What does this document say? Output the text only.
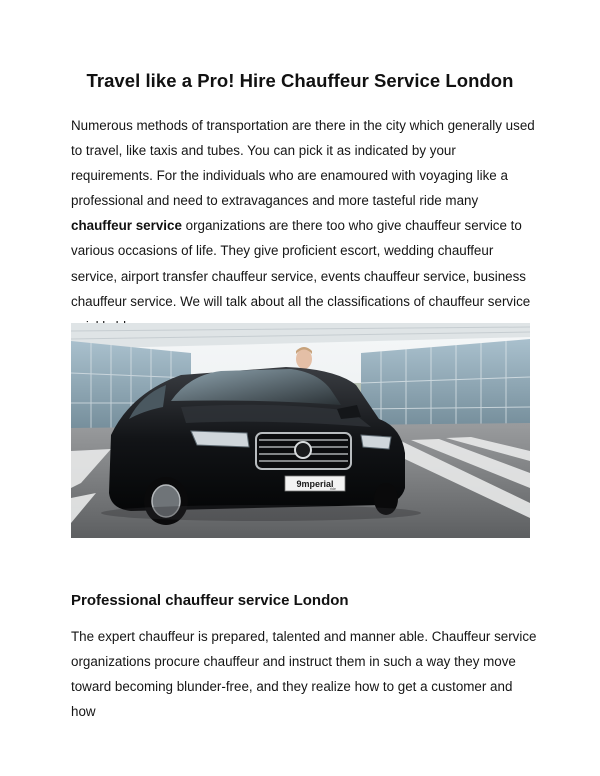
Travel like a Pro! Hire Chauffeur Service London

Numerous methods of transportation are there in the city which generally used to travel, like taxis and tubes. You can pick it as indicated by your requirements. For the individuals who are enamoured with voyaging like a professional and need to extravagances and more tasteful ride many chauffeur service organizations are there too who give chauffeur service to various occasions of life. They give proficient escort, wedding chauffeur service, airport transfer chauffeur service, events chauffeur service, business chauffeur service. We will talk about all the classifications of chauffeur service

9mperial
ride
Professional chauffeur service London

The expert chauffeur is prepared, talented and manner able. Chauffeur service organizations procure chauffeur and instruct them in such a way they move toward becoming blunder-free, and they realize how to get a customer and how
